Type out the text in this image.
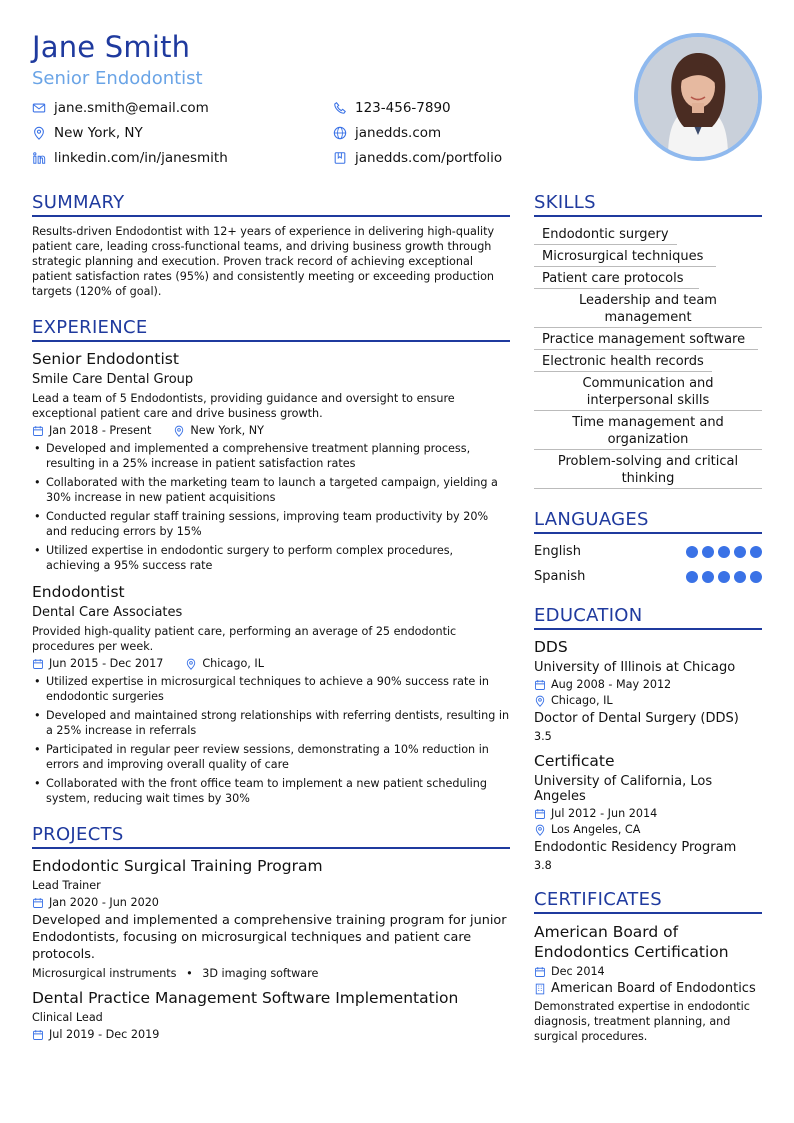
Jane Smith
Senior Endodontist
jane.smith@email.com	123-456-7890
New York, NY	janedds.com
linkedin.com/in/janesmith	janedds.com/portfolio
SUMMARY
Results-driven Endodontist with 12+ years of experience in delivering high-quality patient care, leading cross-functional teams, and driving business growth through strategic planning and execution. Proven track record of achieving exceptional patient satisfaction rates (95%) and consistently meeting or exceeding production targets (120% of goal).
EXPERIENCE
Senior Endodontist
Smile Care Dental Group
Lead a team of 5 Endodontists, providing guidance and oversight to ensure exceptional patient care and drive business growth.
Jan 2018 - Present	New York, NY
• Developed and implemented a comprehensive treatment planning process, resulting in a 25% increase in patient satisfaction rates
• Collaborated with the marketing team to launch a targeted campaign, yielding a 30% increase in new patient acquisitions
• Conducted regular staff training sessions, improving team productivity by 20% and reducing errors by 15%
• Utilized expertise in endodontic surgery to perform complex procedures, achieving a 95% success rate
Endodontist
Dental Care Associates
Provided high-quality patient care, performing an average of 25 endodontic procedures per week.
Jun 2015 - Dec 2017	Chicago, IL
• Utilized expertise in microsurgical techniques to achieve a 90% success rate in endodontic surgeries
• Developed and maintained strong relationships with referring dentists, resulting in a 25% increase in referrals
• Participated in regular peer review sessions, demonstrating a 10% reduction in errors and improving overall quality of care
• Collaborated with the front office team to implement a new patient scheduling system, reducing wait times by 30%
PROJECTS
Endodontic Surgical Training Program
Lead Trainer
Jan 2020 - Jun 2020
Developed and implemented a comprehensive training program for junior Endodontists, focusing on microsurgical techniques and patient care protocols.
Microsurgical instruments • 3D imaging software
Dental Practice Management Software Implementation
Clinical Lead
Jul 2019 - Dec 2019
SKILLS
Endodontic surgery
Microsurgical techniques
Patient care protocols
Leadership and team management
Practice management software
Electronic health records
Communication and interpersonal skills
Time management and organization
Problem-solving and critical thinking
LANGUAGES
English
Spanish
EDUCATION
DDS
University of Illinois at Chicago
Aug 2008 - May 2012
Chicago, IL
Doctor of Dental Surgery (DDS)
3.5
Certificate
University of California, Los Angeles
Jul 2012 - Jun 2014
Los Angeles, CA
Endodontic Residency Program
3.8
CERTIFICATES
American Board of Endodontics Certification
Dec 2014
American Board of Endodontics
Demonstrated expertise in endodontic diagnosis, treatment planning, and surgical procedures.
